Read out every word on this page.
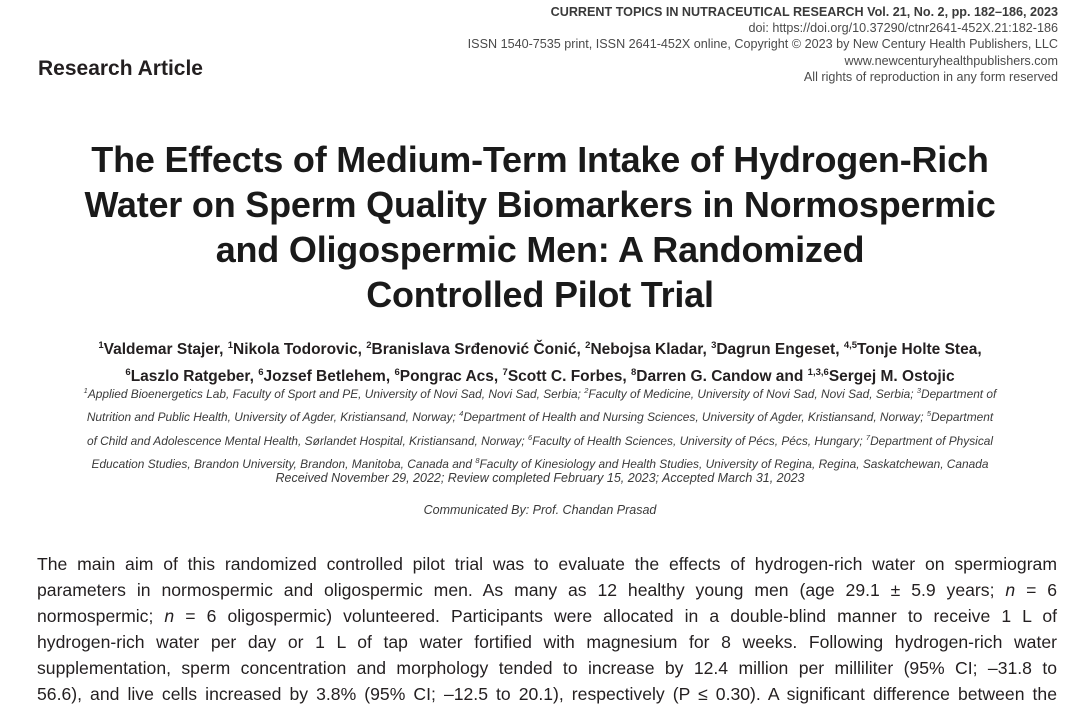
CURRENT TOPICS IN NUTRACEUTICAL RESEARCH Vol. 21, No. 2, pp. 182–186, 2023
doi: https://doi.org/10.37290/ctnr2641-452X.21:182-186
ISSN 1540-7535 print, ISSN 2641-452X online, Copyright © 2023 by New Century Health Publishers, LLC
www.newcenturyhealthpublishers.com
All rights of reproduction in any form reserved
Research Article
The Effects of Medium-Term Intake of Hydrogen-Rich
Water on Sperm Quality Biomarkers in Normospermic
and Oligospermic Men: A Randomized
Controlled Pilot Trial
$^1$Valdemar Stajer, $^1$Nikola Todorovic, $^2$Branislava Srđenović Čonić, $^2$Nebojsa Kladar, $^3$Dagrun Engeset, $^{4,5}$Tonje Holte Stea,
$^6$Laszlo Ratgeber, $^6$Jozsef Betlehem, $^6$Pongrac Acs, $^7$Scott C. Forbes, $^8$Darren G. Candow and $^{1,3,6}$Sergej M. Ostojic
$^1$Applied Bioenergetics Lab, Faculty of Sport and PE, University of Novi Sad, Novi Sad, Serbia; $^2$Faculty of Medicine, University of Novi Sad, Novi Sad, Serbia; $^3$Department of
Nutrition and Public Health, University of Agder, Kristiansand, Norway; $^4$Department of Health and Nursing Sciences, University of Agder, Kristiansand, Norway; $^5$Department
of Child and Adolescence Mental Health, Sørlandet Hospital, Kristiansand, Norway; $^6$Faculty of Health Sciences, University of Pécs, Pécs, Hungary; $^7$Department of Physical
Education Studies, Brandon University, Brandon, Manitoba, Canada and $^8$Faculty of Kinesiology and Health Studies, University of Regina, Regina, Saskatchewan, Canada
Received November 29, 2022; Review completed February 15, 2023; Accepted March 31, 2023
Communicated By: Prof. Chandan Prasad
The main aim of this randomized controlled pilot trial was to evaluate the effects of hydrogen-rich water on spermiogram
parameters in normospermic and oligospermic men. As many as 12 healthy young men (age 29.1 ± 5.9 years; n = 6
normospermic; n = 6 oligospermic) volunteered. Participants were allocated in a double-blind manner to receive 1 L of
hydrogen-rich water per day or 1 L of tap water fortified with magnesium for 8 weeks. Following hydrogen-rich water
supplementation, sperm concentration and morphology tended to increase by 12.4 million per milliliter (95% CI; –31.8 to
56.6), and live cells increased by 3.8% (95% CI; –12.5 to 20.1), respectively (P ≤ 0.30). A significant difference between the
